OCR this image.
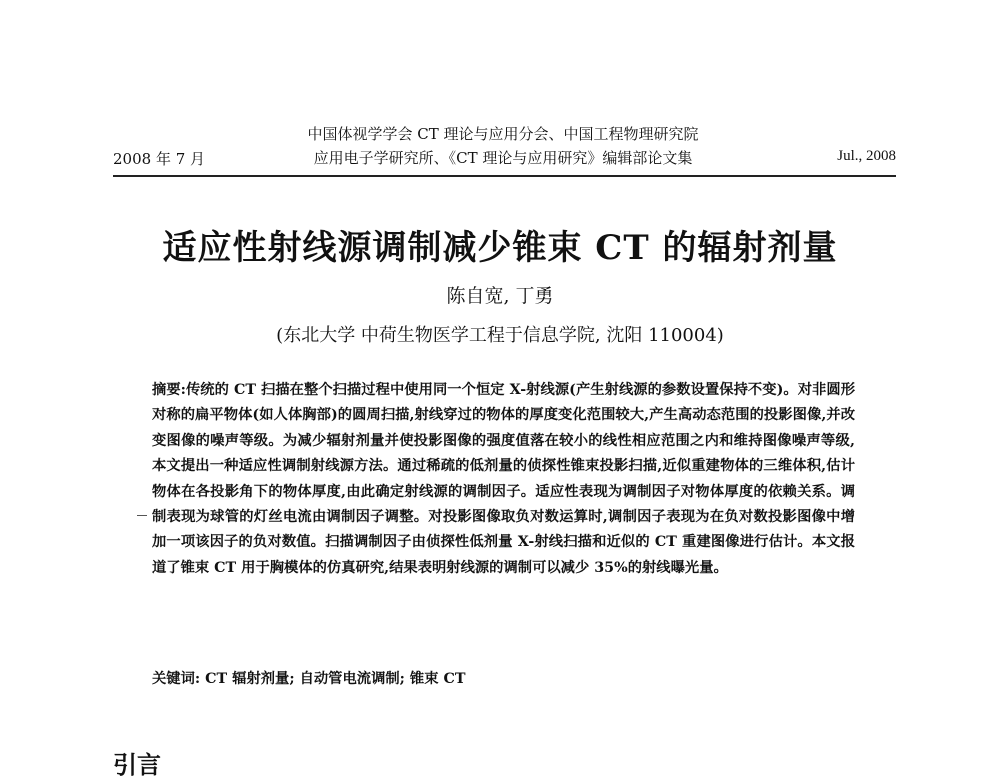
2008 年 7 月
中国体视学学会 CT 理论与应用分会、中国工程物理研究院
应用电子学研究所、《CT 理论与应用研究》编辑部论文集	Jul., 2008
适应性射线源调制减少锥束 CT 的辐射剂量
陈自宽, 丁勇
(东北大学 中荷生物医学工程于信息学院, 沈阳 110004)
摘要:传统的 CT 扫描在整个扫描过程中使用同一个恒定 X-射线源(产生射线源的参数设置保持不变)。对非圆形对称的扁平物体(如人体胸部)的圆周扫描,射线穿过的物体的厚度变化范围较大,产生高动态范围的投影图像,并改变图像的噪声等级。为减少辐射剂量并使投影图像的强度值落在较小的线性相应范围之内和维持图像噪声等级,本文提出一种适应性调制射线源方法。通过稀疏的低剂量的侦探性锥束投影扫描,近似重建物体的三维体积,估计物体在各投影角下的物体厚度,由此确定射线源的调制因子。适应性表现为调制因子对物体厚度的依赖关系。调制表现为球管的灯丝电流由调制因子调整。对投影图像取负对数运算时,调制因子表现为在负对数投影图像中增加一项该因子的负对数值。扫描调制因子由侦探性低剂量 X-射线扫描和近似的 CT 重建图像进行估计。本文报道了锥束 CT 用于胸模体的仿真研究,结果表明射线源的调制可以减少 35%的射线曝光量。
关键词: CT 辐射剂量; 自动管电流调制; 锥束 CT
引言
